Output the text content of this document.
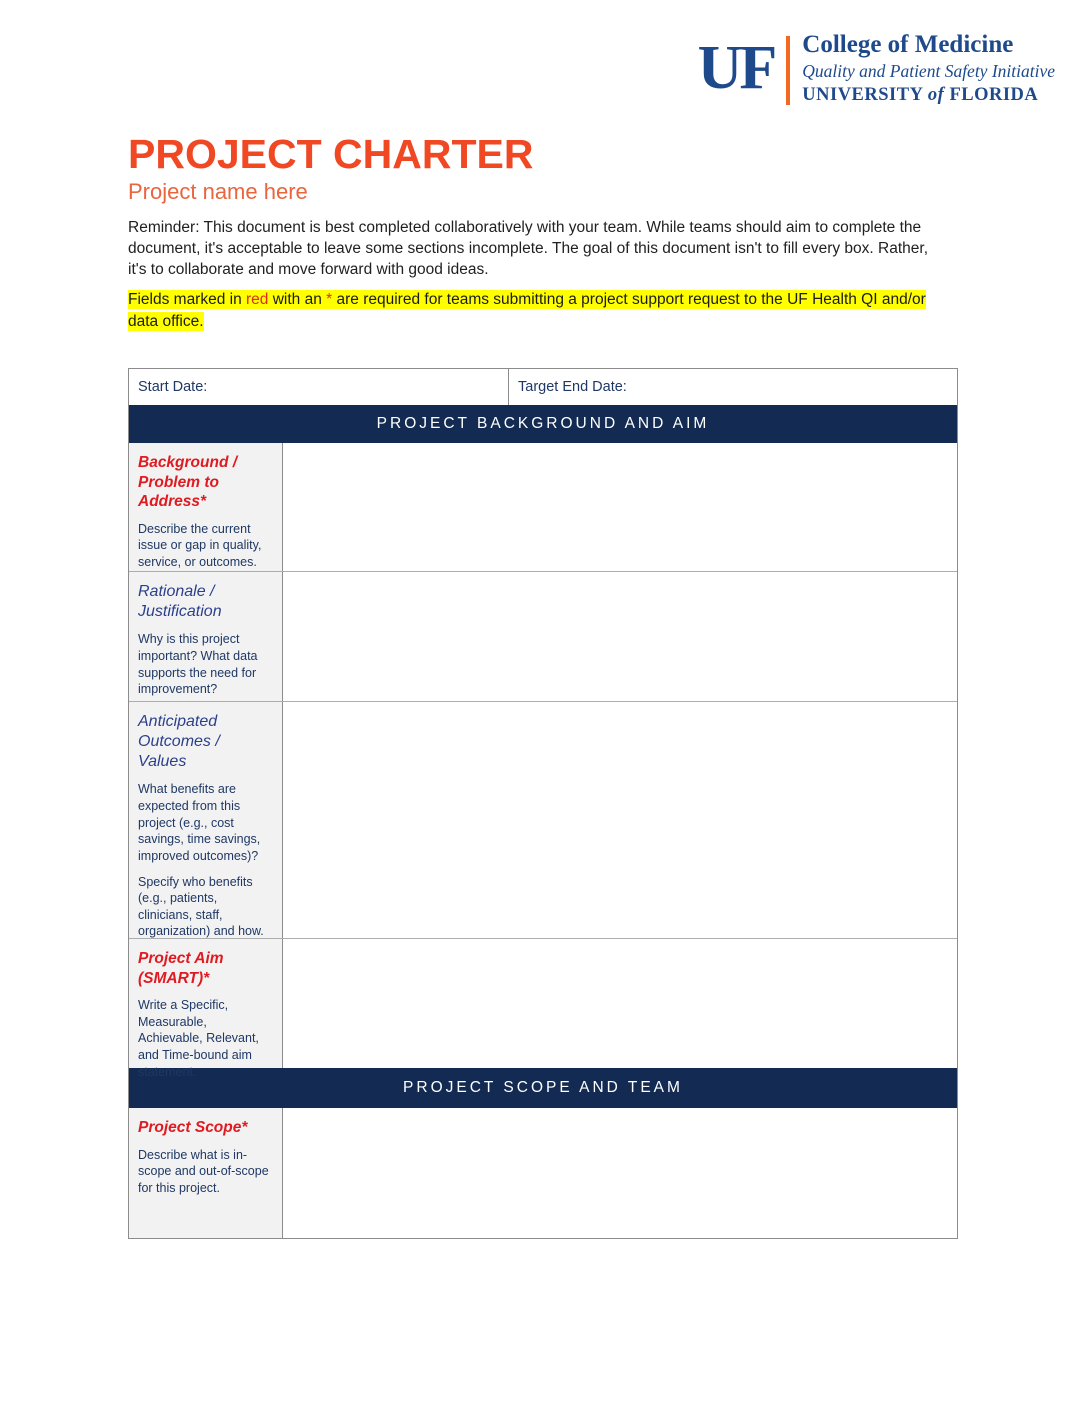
UF College of Medicine
Quality and Patient Safety Initiative
UNIVERSITY of FLORIDA
PROJECT CHARTER
Project name here

Reminder: This document is best completed collaboratively with your team. While teams should aim to complete the document, it's acceptable to leave some sections incomplete. The goal of this document isn't to fill every box. Rather, it's to collaborate and move forward with good ideas.

Fields marked in red with an * are required for teams submitting a project support request to the UF Health QI and/or data office.

Start Date:	Target End Date:
PROJECT BACKGROUND AND AIM
Background / Problem to Address*

Describe the current issue or gap in quality, service, or outcomes.

Rationale / Justification

Why is this project important? What data supports the need for improvement?

Anticipated Outcomes / Values

What benefits are expected from this project (e.g., cost savings, time savings, improved outcomes)?

Specify who benefits (e.g., patients, clinicians, staff, organization) and how.

Project Aim (SMART)*

Write a Specific, Measurable, Achievable, Relevant, and Time-bound aim statement.

PROJECT SCOPE AND TEAM
Project Scope*

Describe what is in-scope and out-of-scope for this project.
